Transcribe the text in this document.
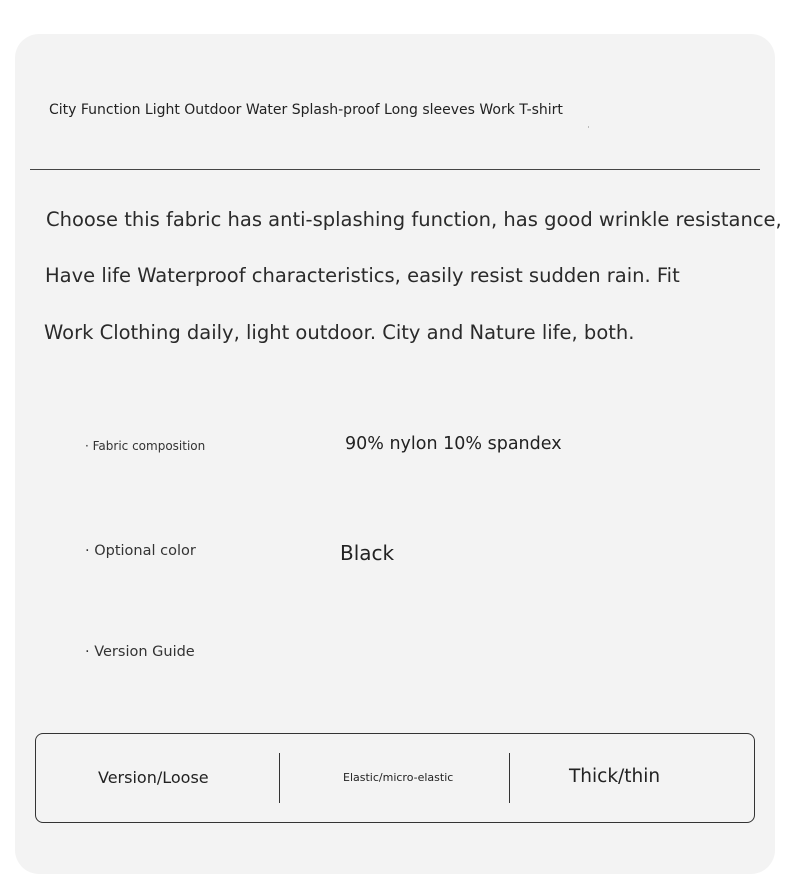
City Function Light Outdoor Water Splash-proof Long sleeves Work T-shirt
Choose this fabric has anti-splashing function, has good wrinkle resistance,
Have life Waterproof characteristics, easily resist sudden rain. Fit
Work Clothing daily, light outdoor. City and Nature life, both.
· Fabric composition	90% nylon 10% spandex
· Optional color	Black
· Version Guide
Version/Loose	Elastic/micro-elastic	Thick/thin
